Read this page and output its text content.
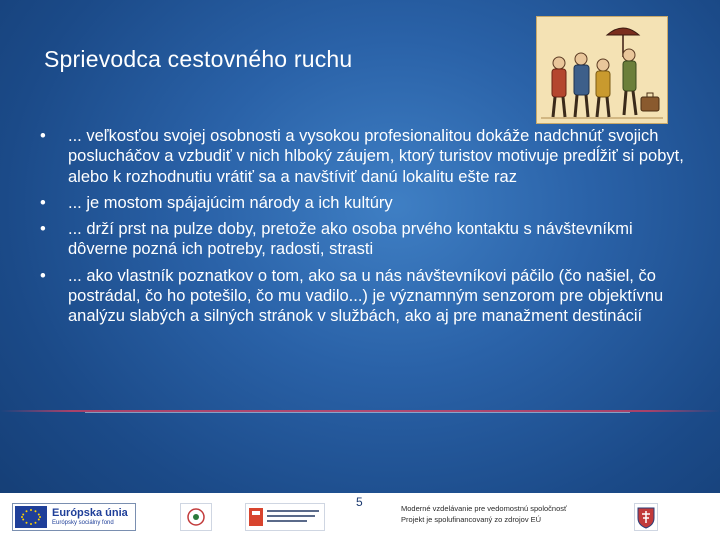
Sprievodca cestovného ruchu
• ... veľkosťou svojej osobnosti a vysokou profesionalitou dokáže nadchnúť svojich poslucháčov a vzbudiť v nich hlboký záujem, ktorý turistov motivuje predĺžiť si pobyt, alebo k rozhodnutiu vrátiť sa a navštíviť danú lokalitu ešte raz
• ... je mostom spájajúcim národy a ich kultúry
• ... drží prst na pulze doby, pretože ako osoba prvého kontaktu s návštevníkmi dôverne pozná ich potreby, radosti, strasti
• ... ako vlastník poznatkov o tom, ako sa u nás návštevníkovi páčilo (čo našiel, čo postrádal, čo ho potešilo, čo mu vadilo...) je významným senzorom pre objektívnu analýzu slabých a silných stránok v službách, ako aj pre manažment destinácií
Európska únia
Európsky sociálny fond
5	Moderné vzdelávanie pre vedomostnú spoločnosť
Projekt je spolufinancovaný zo zdrojov EÚ
